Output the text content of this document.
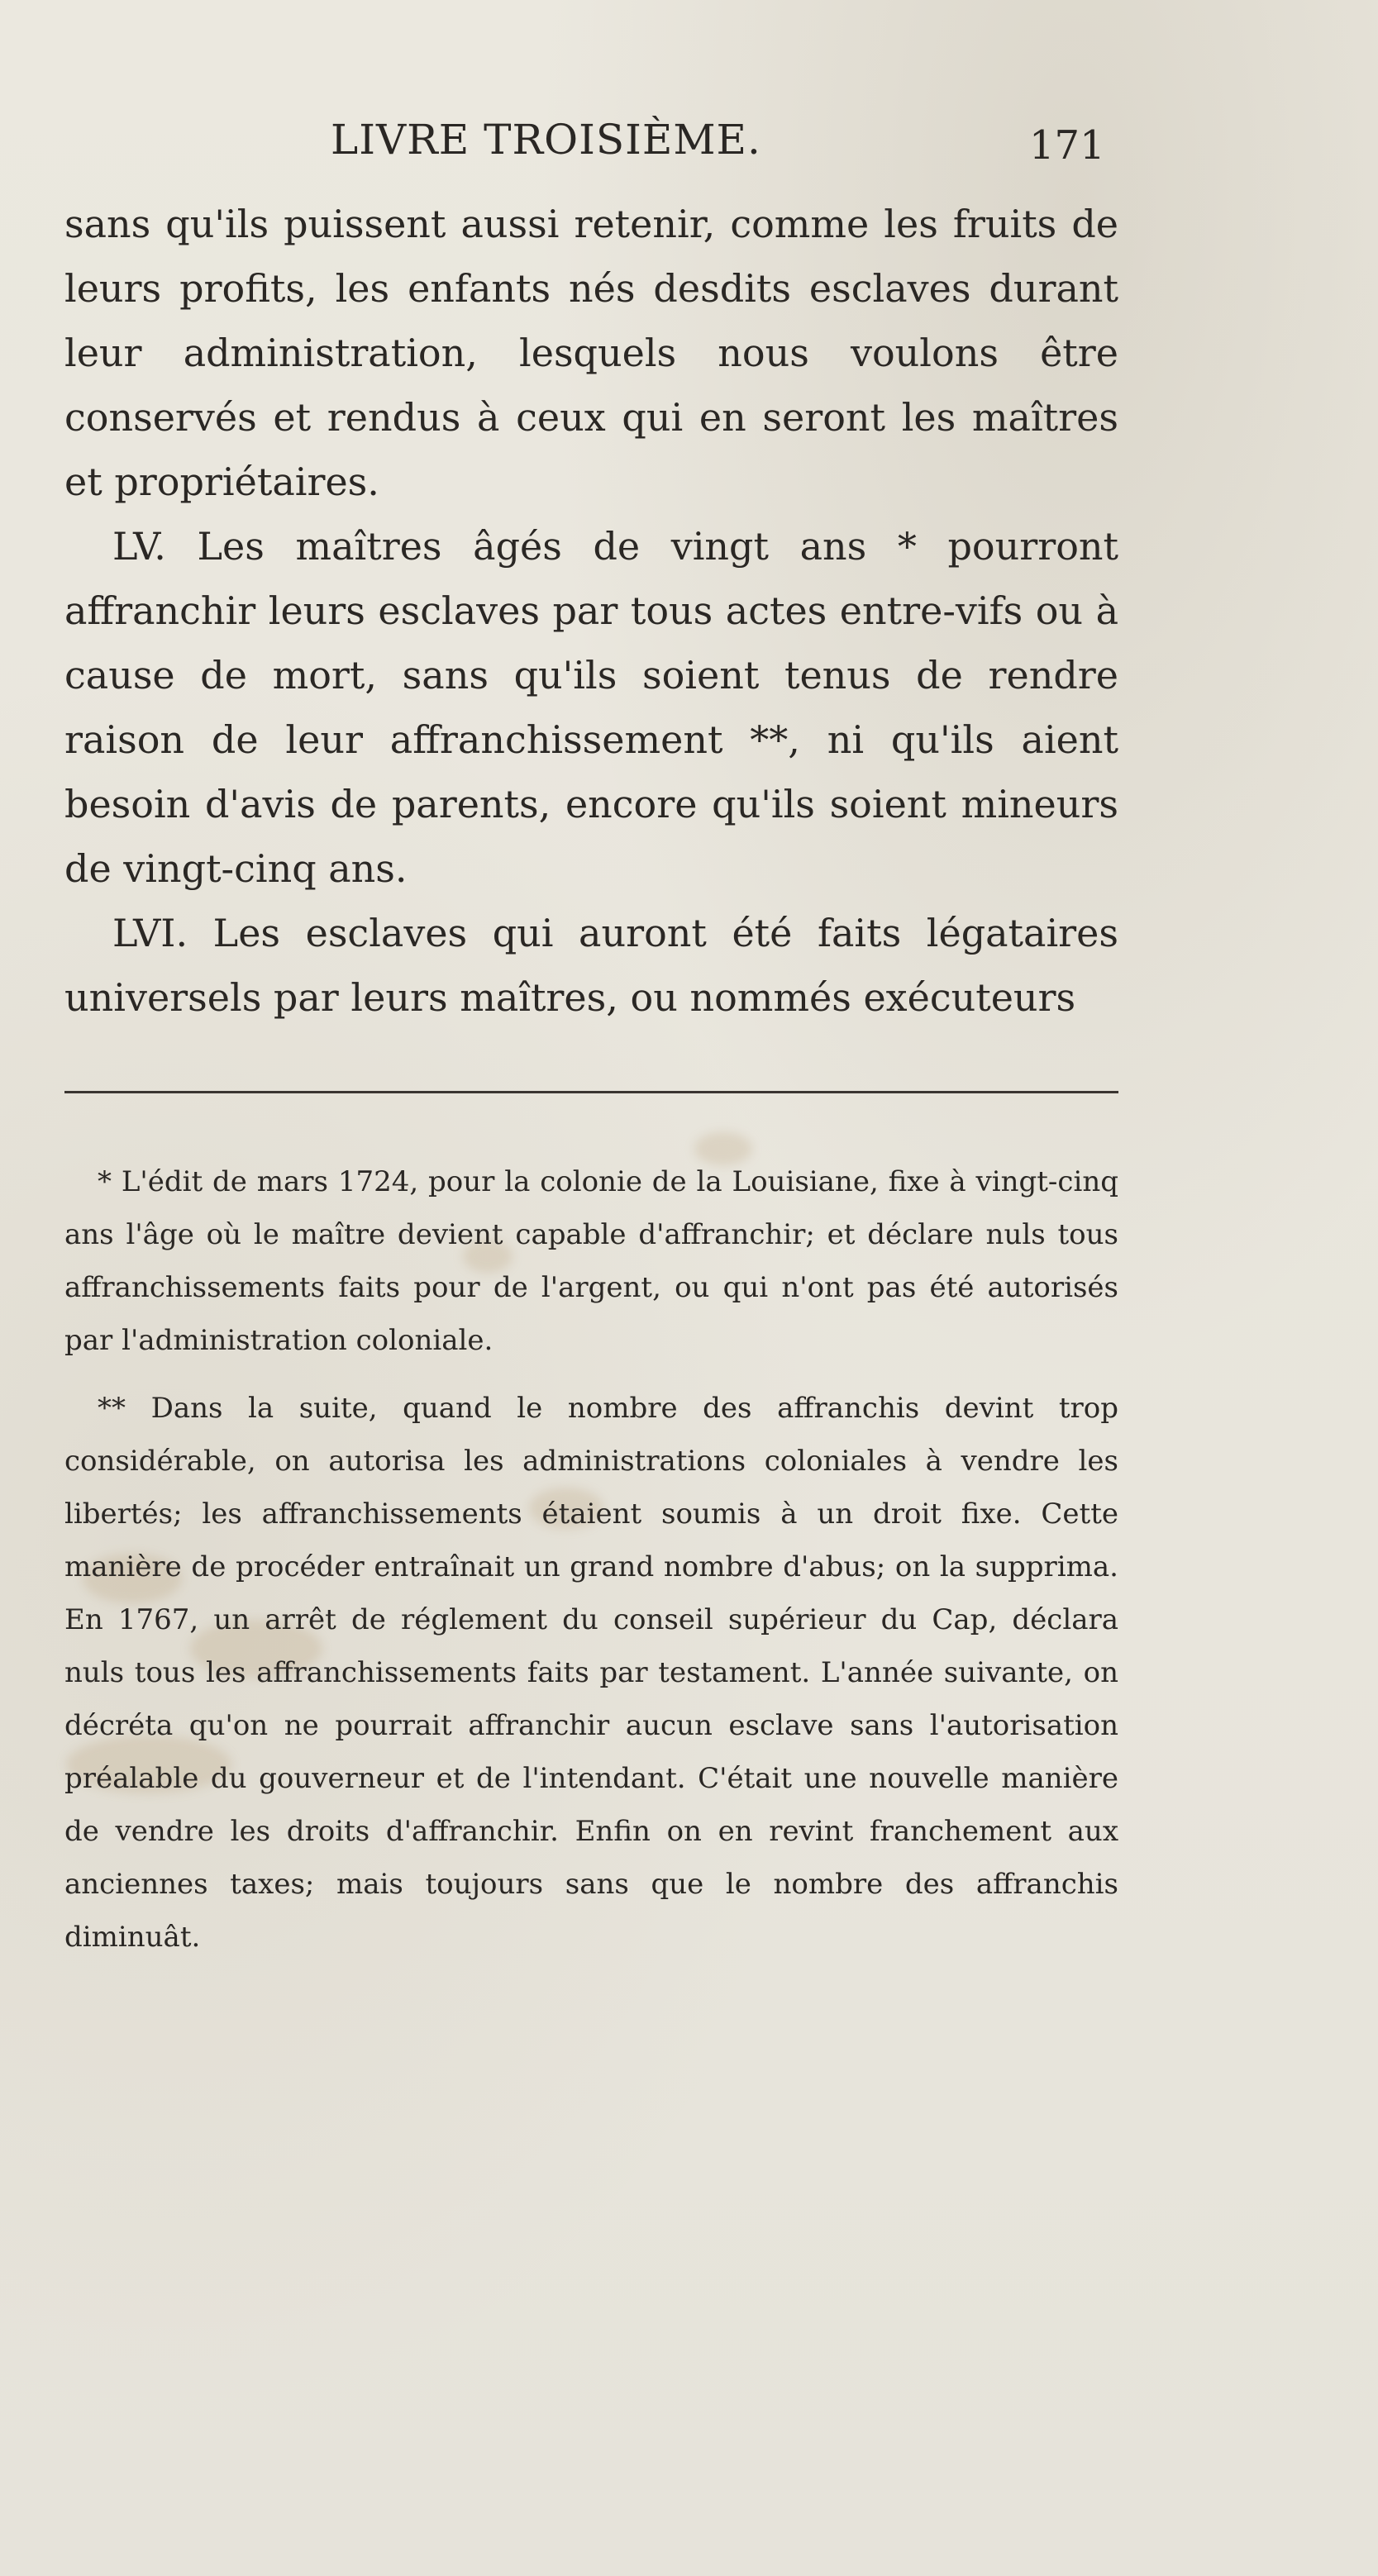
LIVRE TROISIÈME.	171

sans qu'ils puissent aussi retenir, comme les fruits de leurs profits, les enfants nés desdits esclaves durant leur administration, lesquels nous voulons être conservés et rendus à ceux qui en seront les maîtres et propriétaires.

LV. Les maîtres âgés de vingt ans * pourront affranchir leurs esclaves par tous actes entre-vifs ou à cause de mort, sans qu'ils soient tenus de rendre raison de leur affranchissement **, ni qu'ils aient besoin d'avis de parents, encore qu'ils soient mineurs de vingt-cinq ans.

LVI. Les esclaves qui auront été faits légataires universels par leurs maîtres, ou nommés exécuteurs

* L'édit de mars 1724, pour la colonie de la Louisiane, fixe à vingt-cinq ans l'âge où le maître devient capable d'affranchir; et déclare nuls tous affranchissements faits pour de l'argent, ou qui n'ont pas été autorisés par l'administration coloniale.

** Dans la suite, quand le nombre des affranchis devint trop considérable, on autorisa les administrations coloniales à vendre les libertés; les affranchissements étaient soumis à un droit fixe. Cette manière de procéder entraînait un grand nombre d'abus; on la supprima. En 1767, un arrêt de réglement du conseil supérieur du Cap, déclara nuls tous les affranchissements faits par testament. L'année suivante, on décréta qu'on ne pourrait affranchir aucun esclave sans l'autorisation préalable du gouverneur et de l'intendant. C'était une nouvelle manière de vendre les droits d'affranchir. Enfin on en revint franchement aux anciennes taxes; mais toujours sans que le nombre des affranchis diminuât.
